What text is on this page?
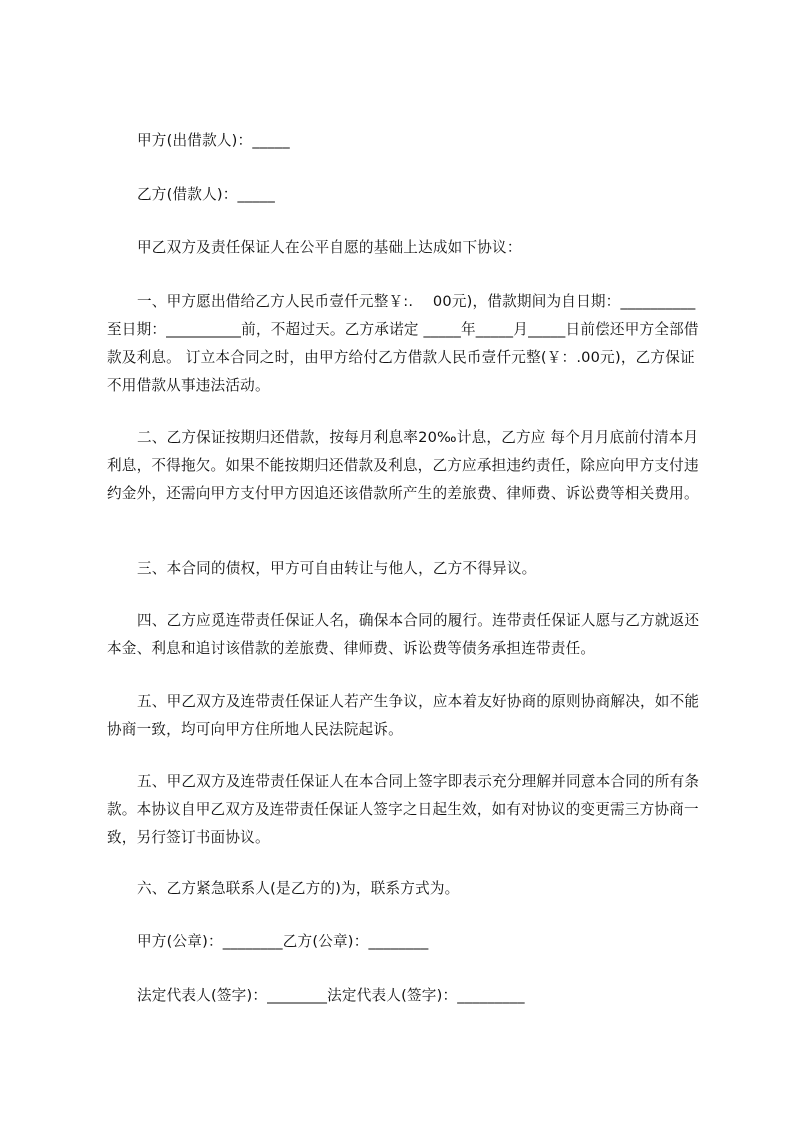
甲方(出借款人)：_____

乙方(借款人)：_____

甲乙双方及责任保证人在公平自愿的基础上达成如下协议：

一、甲方愿出借给乙方人民币壹仟元整￥:.　 00元)，借款期间为自日期：__________至日期：__________前，不超过天。乙方承诺定 _____年_____月_____日前偿还甲方全部借款及利息。 订立本合同之时，由甲方给付乙方借款人民币壹仟元整(￥：.00元)，乙方保证不用借款从事违法活动。

二、乙方保证按期归还借款，按每月利息率20‰计息，乙方应 每个月月底前付清本月利息，不得拖欠。如果不能按期归还借款及利息，乙方应承担违约责任，除应向甲方支付违约金外，还需向甲方支付甲方因追还该借款所产生的差旅费、律师费、诉讼费等相关费用。

三、本合同的债权，甲方可自由转让与他人，乙方不得异议。

四、乙方应觅连带责任保证人名，确保本合同的履行。连带责任保证人愿与乙方就返还本金、利息和追讨该借款的差旅费、律师费、诉讼费等债务承担连带责任。

五、甲乙双方及连带责任保证人若产生争议，应本着友好协商的原则协商解决，如不能协商一致，均可向甲方住所地人民法院起诉。

五、甲乙双方及连带责任保证人在本合同上签字即表示充分理解并同意本合同的所有条款。本协议自甲乙双方及连带责任保证人签字之日起生效，如有对协议的变更需三方协商一致，另行签订书面协议。

六、乙方紧急联系人(是乙方的)为，联系方式为。

甲方(公章)：________乙方(公章)：________

法定代表人(签字)：________法定代表人(签字)：_________
